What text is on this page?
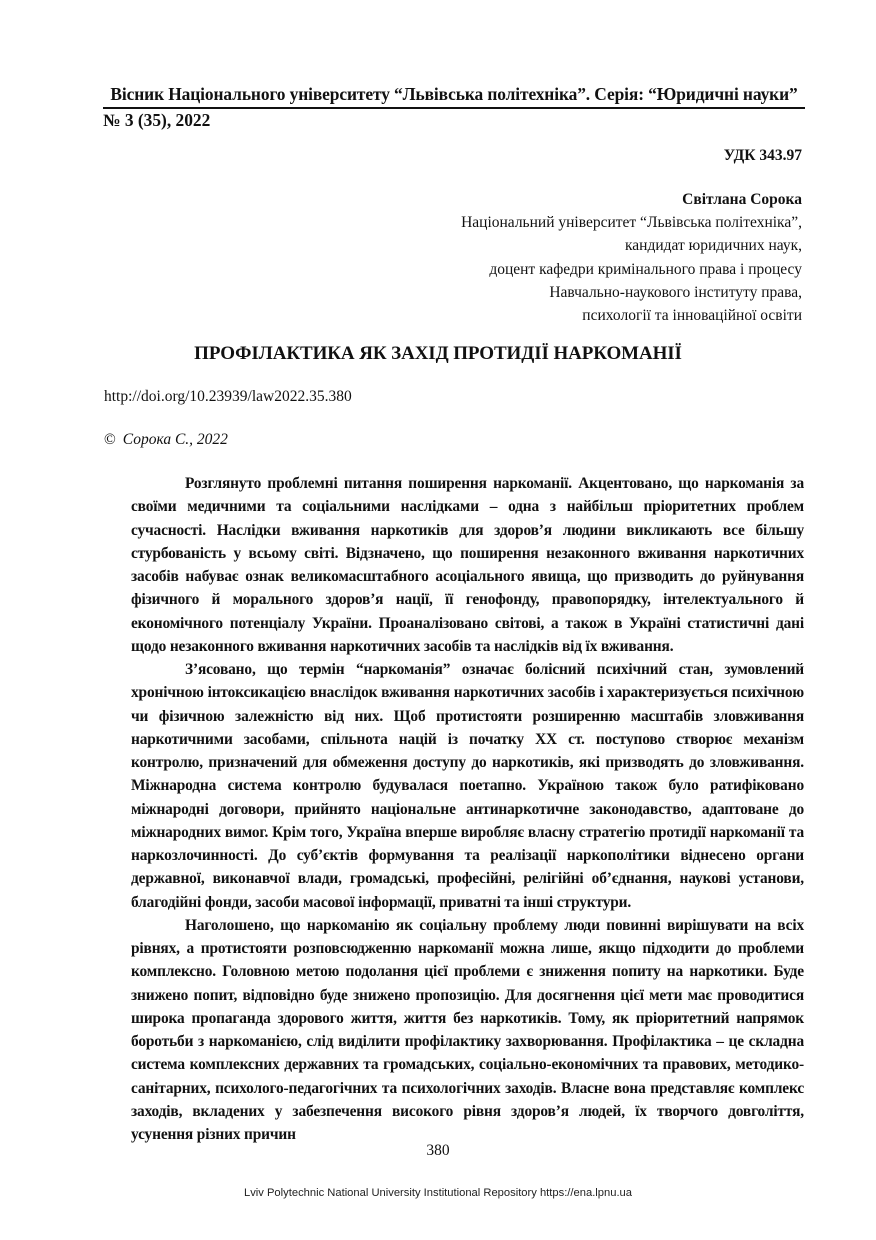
Вісник Національного університету “Львівська політехніка”. Серія: “Юридичні науки”
№ 3 (35), 2022
УДК 343.97
Світлана Сорока
Національний університет “Львівська політехніка”,
кандидат юридичних наук,
доцент кафедри кримінального права і процесу
Навчально-наукового інституту права,
психології та інноваційної освіти
ПРОФІЛАКТИКА ЯК ЗАХІД ПРОТИДІЇ НАРКОМАНІЇ
http://doi.org/10.23939/law2022.35.380
© Сорока С., 2022

Розглянуто проблемні питання поширення наркоманії. Акцентовано, що наркоманія за своїми медичними та соціальними наслідками – одна з найбільш пріоритетних проблем сучасності. Наслідки вживання наркотиків для здоров’я людини викликають все більшу стурбованість у всьому світі. Відзначено, що поширення незаконного вживання наркотичних засобів набуває ознак великомасштабного асоціального явища, що призводить до руйнування фізичного й морального здоров’я нації, її генофонду, правопорядку, інтелектуального й економічного потенціалу України. Проаналізовано світові, а також в Україні статистичні дані щодо незаконного вживання наркотичних засобів та наслідків від їх вживання.

З’ясовано, що термін “наркоманія” означає болісний психічний стан, зумовлений хронічною інтоксикацією внаслідок вживання наркотичних засобів і характеризується психічною чи фізичною залежністю від них. Щоб протистояти розширенню масштабів зловживання наркотичними засобами, спільнота націй із початку XX ст. поступово створює механізм контролю, призначений для обмеження доступу до наркотиків, які призводять до зловживання. Міжнародна система контролю будувалася поетапно. Україною також було ратифіковано міжнародні договори, прийнято національне антинаркотичне законодавство, адаптоване до міжнародних вимог. Крім того, Україна вперше виробляє власну стратегію протидії наркоманії та наркозлочинності. До суб’єктів формування та реалізації наркополітики віднесено органи державної, виконавчої влади, громадські, професійні, релігійні об’єднання, наукові установи, благодійні фонди, засоби масової інформації, приватні та інші структури.

Наголошено, що наркоманію як соціальну проблему люди повинні вирішувати на всіх рівнях, а протистояти розповсюдженню наркоманії можна лише, якщо підходити до проблеми комплексно. Головною метою подолання цієї проблеми є зниження попиту на наркотики. Буде знижено попит, відповідно буде знижено пропозицію. Для досягнення цієї мети має проводитися широка пропаганда здорового життя, життя без наркотиків. Тому, як пріоритетний напрямок боротьби з наркоманією, слід виділити профілактику захворювання. Профілактика – це складна система комплексних державних та громадських, соціально-економічних та правових, методико-санітарних, психолого-педагогічних та психологічних заходів. Власне вона представляє комплекс заходів, вкладених у забезпечення високого рівня здоров’я людей, їх творчого довголіття, усунення різних причин

380
Lviv Polytechnic National University Institutional Repository https://ena.lpnu.ua
